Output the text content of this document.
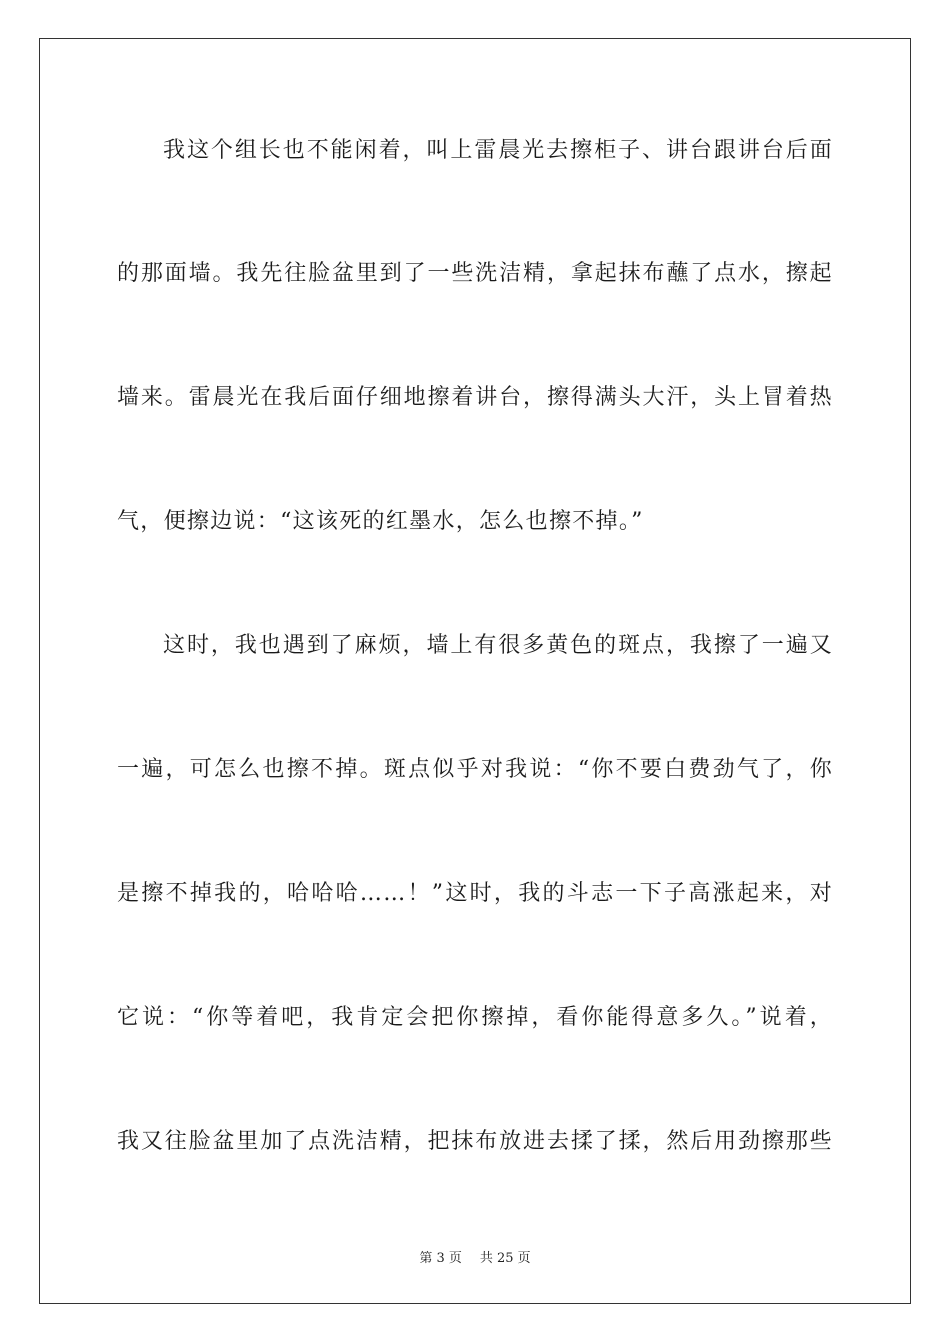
我这个组长也不能闲着，叫上雷晨光去擦柜子、讲台跟讲台后面
的那面墙。我先往脸盆里到了一些洗洁精，拿起抹布蘸了点水，擦起
墙来。雷晨光在我后面仔细地擦着讲台，擦得满头大汗，头上冒着热
气，便擦边说：“这该死的红墨水，怎么也擦不掉。”
这时，我也遇到了麻烦，墙上有很多黄色的斑点，我擦了一遍又
一遍，可怎么也擦不掉。斑点似乎对我说：“你不要白费劲气了，你
是擦不掉我的，哈哈哈……！”这时，我的斗志一下子高涨起来，对
它说：“你等着吧，我肯定会把你擦掉，看你能得意多久。”说着，
我又往脸盆里加了点洗洁精，把抹布放进去揉了揉，然后用劲擦那些
第 3 页 共 25 页
